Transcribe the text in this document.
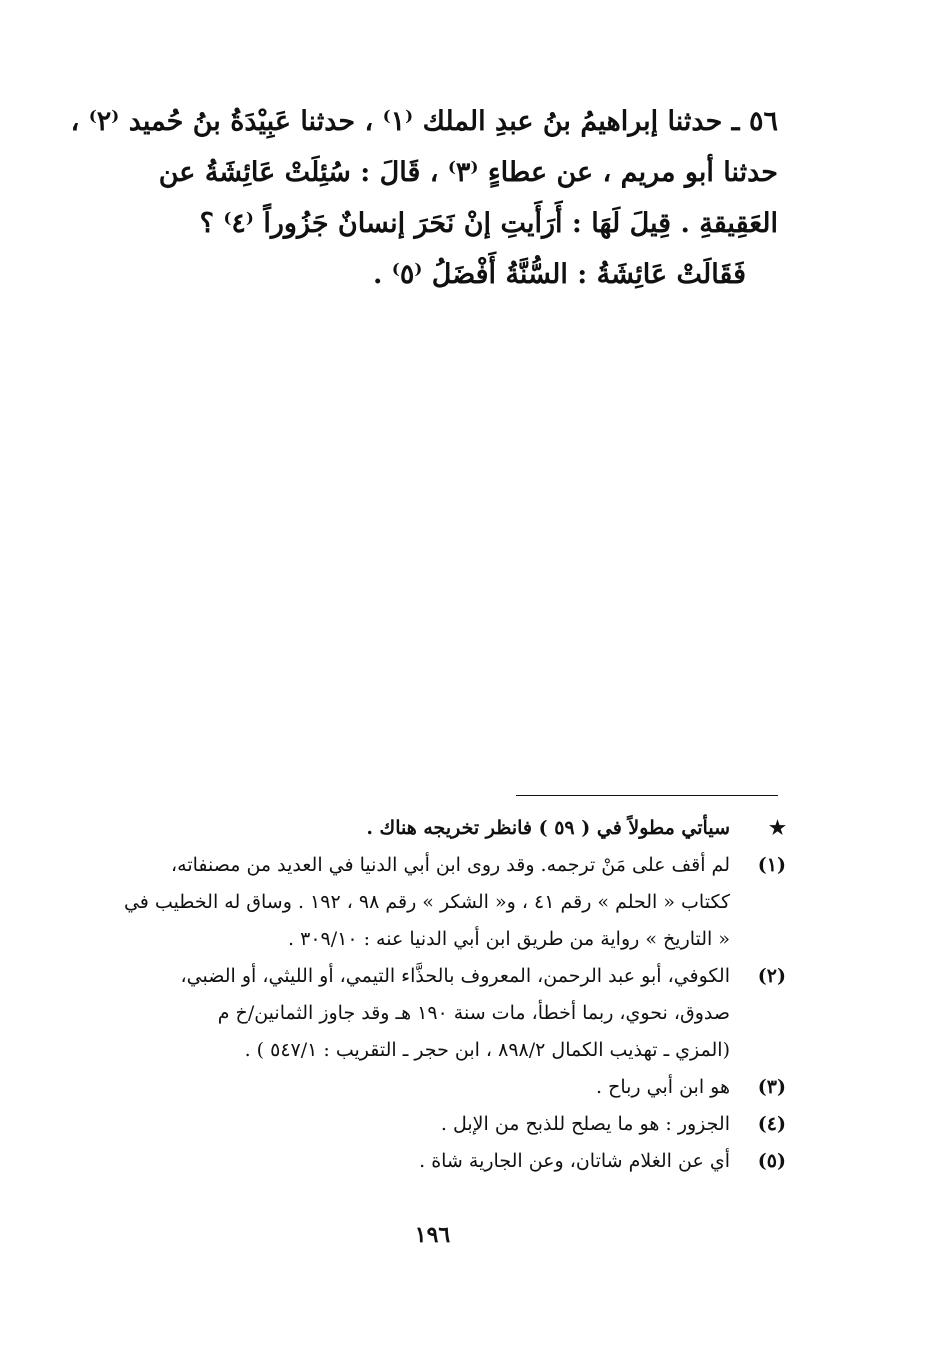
٥٦ ـ حدثنا إبراهيمُ بنُ عبدِ الملك ⁽١⁾ ، حدثنا عَبِيْدَةُ بنُ حُميد ⁽٢⁾ ،
حدثنا أبو مريم ، عن عطاءٍ ⁽٣⁾ ، قَالَ : سُئِلَتْ عَائِشَةُ عن
العَقِيقةِ . قِيلَ لَهَا : أَرَأَيتِ إنْ نَحَرَ إنسانٌ جَزُوراً ⁽٤⁾ ؟
فَقَالَتْ عَائِشَةُ : السُّنَّةُ أَفْضَلُ ⁽٥⁾ .
★
سيأتي مطولاً في ( ٥٩ ) فانظر تخريجه هناك .
(١)
لم أقف على مَنْ ترجمه. وقد روى ابن أبي الدنيا في العديد من مصنفاته،
ككتاب « الحلم » رقم ٤١ ، و« الشكر » رقم ٩٨ ، ١٩٢ . وساق له الخطيب في
« التاريخ » رواية من طريق ابن أبي الدنيا عنه : ٣٠٩/١٠ .
(٢)
الكوفي، أبو عبد الرحمن، المعروف بالحذَّاء التيمي، أو الليثي، أو الضبي،
صدوق، نحوي، ربما أخطأ، مات سنة ١٩٠ هـ وقد جاوز الثمانين/خ م
(المزي ـ تهذيب الكمال ٨٩٨/٢ ، ابن حجر ـ التقريب : ٥٤٧/١ ) .
(٣)
هو ابن أبي رباح .
(٤)
الجزور : هو ما يصلح للذبح من الإبل .
(٥)
أي عن الغلام شاتان، وعن الجارية شاة .
١٩٦
